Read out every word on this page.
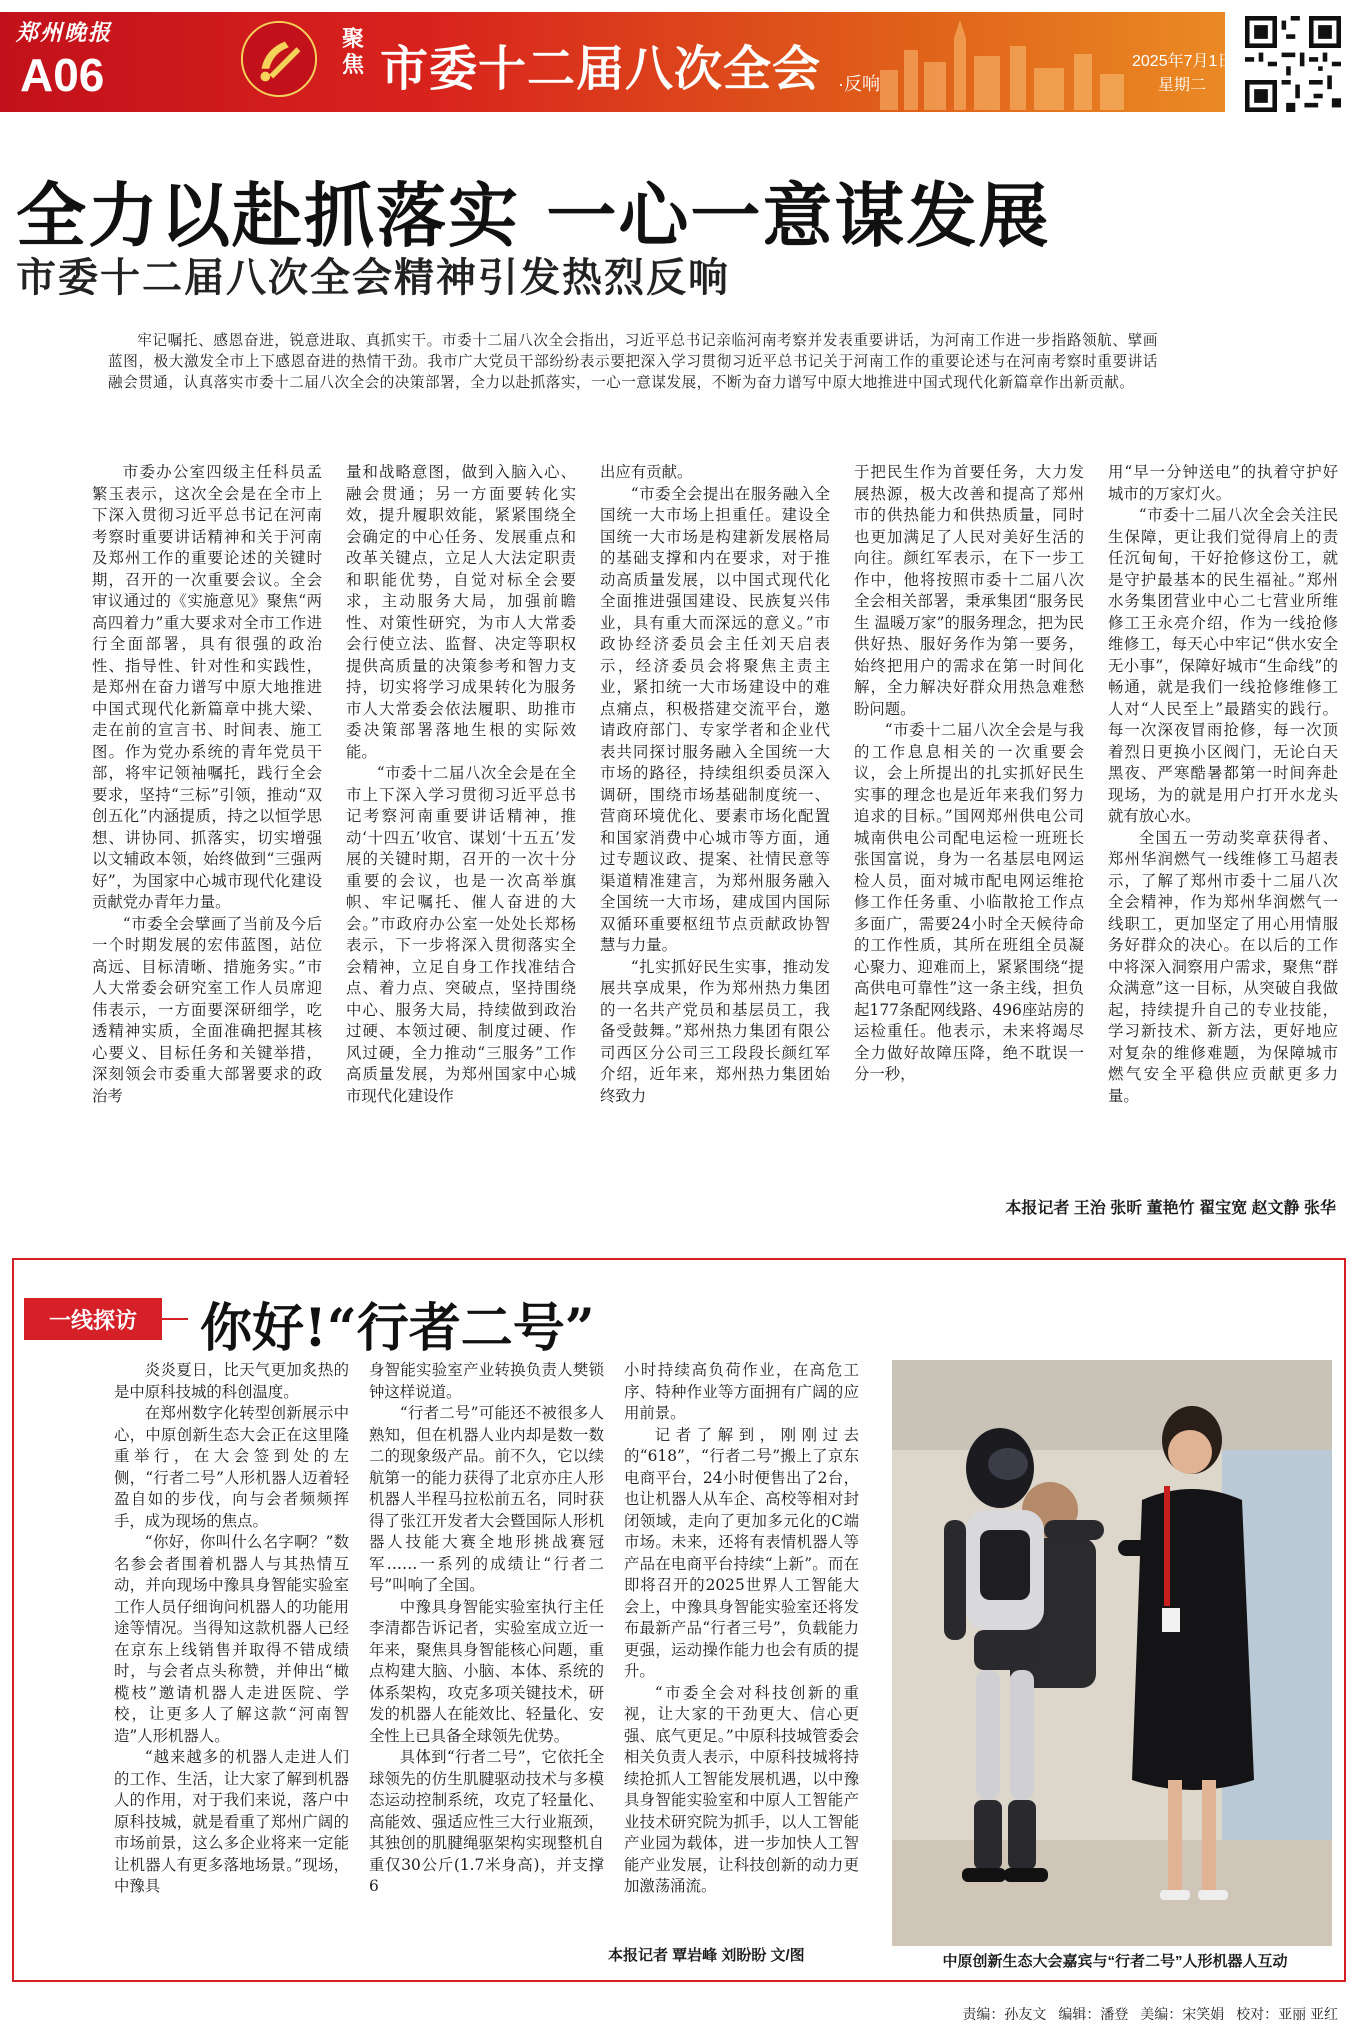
郑州晚报
A06
聚焦 市委十二届八次全会 ·反响
2025年7月1日
星期二
全力以赴抓落实 一心一意谋发展
市委十二届八次全会精神引发热烈反响
牢记嘱托、感恩奋进，锐意进取、真抓实干。市委十二届八次全会指出，习近平总书记亲临河南考察并发表重要讲话，为河南工作进一步指路领航、擘画蓝图，极大激发全市上下感恩奋进的热情干劲。我市广大党员干部纷纷表示要把深入学习贯彻习近平总书记关于河南工作的重要论述与在河南考察时重要讲话融会贯通，认真落实市委十二届八次全会的决策部署，全力以赴抓落实，一心一意谋发展，不断为奋力谱写中原大地推进中国式现代化新篇章作出新贡献。

市委办公室四级主任科员孟繁玉表示，这次全会是在全市上下深入贯彻习近平总书记在河南考察时重要讲话精神和关于河南及郑州工作的重要论述的关键时期，召开的一次重要会议。全会审议通过的《实施意见》聚焦“两高四着力”重大要求对全市工作进行全面部署，具有很强的政治性、指导性、针对性和实践性，是郑州在奋力谱写中原大地推进中国式现代化新篇章中挑大梁、走在前的宣言书、时间表、施工图。作为党办系统的青年党员干部，将牢记领袖嘱托，践行全会要求，坚持“三标”引领，推动“双创五化”内涵提质，持之以恒学思想、讲协同、抓落实，切实增强以文辅政本领，始终做到“三强两好”，为国家中心城市现代化建设贡献党办青年力量。

“市委全会擘画了当前及今后一个时期发展的宏伟蓝图，站位高远、目标清晰、措施务实。”市人大常委会研究室工作人员席迎伟表示，一方面要深研细学，吃透精神实质，全面准确把握其核心要义、目标任务和关键举措，深刻领会市委重大部署要求的政治考

量和战略意图，做到入脑入心、融会贯通；另一方面要转化实效，提升履职效能，紧紧围绕全会确定的中心任务、发展重点和改革关键点，立足人大法定职责和职能优势，自觉对标全会要求，主动服务大局，加强前瞻性、对策性研究，为市人大常委会行使立法、监督、决定等职权提供高质量的决策参考和智力支持，切实将学习成果转化为服务市人大常委会依法履职、助推市委决策部署落地生根的实际效能。

“市委十二届八次全会是在全市上下深入学习贯彻习近平总书记考察河南重要讲话精神，推动‘十四五’收官、谋划‘十五五’发展的关键时期，召开的一次十分重要的会议，也是一次高举旗帜、牢记嘱托、催人奋进的大会。”市政府办公室一处处长郑杨表示，下一步将深入贯彻落实全会精神，立足自身工作找准结合点、着力点、突破点，坚持围绕中心、服务大局，持续做到政治过硬、本领过硬、制度过硬、作风过硬，全力推动“三服务”工作高质量发展，为郑州国家中心城市现代化建设作

出应有贡献。

“市委全会提出在服务融入全国统一大市场上担重任。建设全国统一大市场是构建新发展格局的基础支撑和内在要求，对于推动高质量发展，以中国式现代化全面推进强国建设、民族复兴伟业，具有重大而深远的意义。”市政协经济委员会主任刘天启表示，经济委员会将聚焦主责主业，紧扣统一大市场建设中的难点痛点，积极搭建交流平台，邀请政府部门、专家学者和企业代表共同探讨服务融入全国统一大市场的路径，持续组织委员深入调研，围绕市场基础制度统一、营商环境优化、要素市场化配置和国家消费中心城市等方面，通过专题议政、提案、社情民意等渠道精准建言，为郑州服务融入全国统一大市场，建成国内国际双循环重要枢纽节点贡献政协智慧与力量。

“扎实抓好民生实事，推动发展共享成果，作为郑州热力集团的一名共产党员和基层员工，我备受鼓舞。”郑州热力集团有限公司西区分公司三工段段长颜红军介绍，近年来，郑州热力集团始终致力

于把民生作为首要任务，大力发展热源，极大改善和提高了郑州市的供热能力和供热质量，同时也更加满足了人民对美好生活的向往。颜红军表示，在下一步工作中，他将按照市委十二届八次全会相关部署，秉承集团“服务民生 温暖万家”的服务理念，把为民供好热、服好务作为第一要务，始终把用户的需求在第一时间化解，全力解决好群众用热急难愁盼问题。

“市委十二届八次全会是与我的工作息息相关的一次重要会议，会上所提出的扎实抓好民生实事的理念也是近年来我们努力追求的目标。”国网郑州供电公司城南供电公司配电运检一班班长张国富说，身为一名基层电网运检人员，面对城市配电网运维抢修工作任务重、小临散抢工作点多面广，需要24小时全天候待命的工作性质，其所在班组全员凝心聚力、迎难而上，紧紧围绕“提高供电可靠性”这一条主线，担负起177条配网线路、496座站房的运检重任。他表示，未来将竭尽全力做好故障压降，绝不耽误一分一秒，

用“早一分钟送电”的执着守护好城市的万家灯火。

“市委十二届八次全会关注民生保障，更让我们觉得肩上的责任沉甸甸，干好抢修这份工，就是守护最基本的民生福祉。”郑州水务集团营业中心二七营业所维修工王永亮介绍，作为一线抢修维修工，每天心中牢记“供水安全无小事”，保障好城市“生命线”的畅通，就是我们一线抢修维修工人对“人民至上”最踏实的践行。每一次深夜冒雨抢修，每一次顶着烈日更换小区阀门，无论白天黑夜、严寒酷暑都第一时间奔赴现场，为的就是用户打开水龙头就有放心水。

全国五一劳动奖章获得者、郑州华润燃气一线维修工马超表示，了解了郑州市委十二届八次全会精神，作为郑州华润燃气一线职工，更加坚定了用心用情服务好群众的决心。在以后的工作中将深入洞察用户需求，聚焦“群众满意”这一目标，从突破自我做起，持续提升自己的专业技能，学习新技术、新方法，更好地应对复杂的维修难题，为保障城市燃气安全平稳供应贡献更多力量。

本报记者 王治 张昕 董艳竹 翟宝宽 赵文静 张华
一线探访	你好!“行者二号”

炎炎夏日，比天气更加炙热的是中原科技城的科创温度。

在郑州数字化转型创新展示中心，中原创新生态大会正在这里隆重举行，在大会签到处的左侧，“行者二号”人形机器人迈着轻盈自如的步伐，向与会者频频挥手，成为现场的焦点。

“你好，你叫什么名字啊？”数名参会者围着机器人与其热情互动，并向现场中豫具身智能实验室工作人员仔细询问机器人的功能用途等情况。当得知这款机器人已经在京东上线销售并取得不错成绩时，与会者点头称赞，并伸出“橄榄枝”邀请机器人走进医院、学校，让更多人了解这款“河南智造”人形机器人。

“越来越多的机器人走进人们的工作、生活，让大家了解到机器人的作用，对于我们来说，落户中原科技城，就是看重了郑州广阔的市场前景，这么多企业将来一定能让机器人有更多落地场景。”现场，中豫具

身智能实验室产业转换负责人樊锁钟这样说道。

“行者二号”可能还不被很多人熟知，但在机器人业内却是数一数二的现象级产品。前不久，它以续航第一的能力获得了北京亦庄人形机器人半程马拉松前五名，同时获得了张江开发者大会暨国际人形机器人技能大赛全地形挑战赛冠军……一系列的成绩让“行者二号”叫响了全国。

中豫具身智能实验室执行主任李清都告诉记者，实验室成立近一年来，聚焦具身智能核心问题，重点构建大脑、小脑、本体、系统的体系架构，攻克多项关键技术，研发的机器人在能效比、轻量化、安全性上已具备全球领先优势。

具体到“行者二号”，它依托全球领先的仿生肌腱驱动技术与多模态运动控制系统，攻克了轻量化、高能效、强适应性三大行业瓶颈，其独创的肌腱绳驱架构实现整机自重仅30公斤(1.7米身高)，并支撑6

小时持续高负荷作业，在高危工序、特种作业等方面拥有广阔的应用前景。

记者了解到，刚刚过去的“618”，“行者二号”搬上了京东电商平台，24小时便售出了2台，也让机器人从车企、高校等相对封闭领域，走向了更加多元化的C端市场。未来，还将有表情机器人等产品在电商平台持续“上新”。而在即将召开的2025世界人工智能大会上，中豫具身智能实验室还将发布最新产品“行者三号”，负载能力更强，运动操作能力也会有质的提升。

“市委全会对科技创新的重视，让大家的干劲更大、信心更强、底气更足。”中原科技城管委会相关负责人表示，中原科技城将持续抢抓人工智能发展机遇，以中豫具身智能实验室和中原人工智能产业技术研究院为抓手，以人工智能产业园为载体，进一步加快人工智能产业发展，让科技创新的动力更加激荡涌流。

本报记者 覃岩峰 刘盼盼 文/图	中原创新生态大会嘉宾与“行者二号”人形机器人互动
责编：孙友文 编辑：潘登 美编：宋笑娟 校对：亚丽 亚红
